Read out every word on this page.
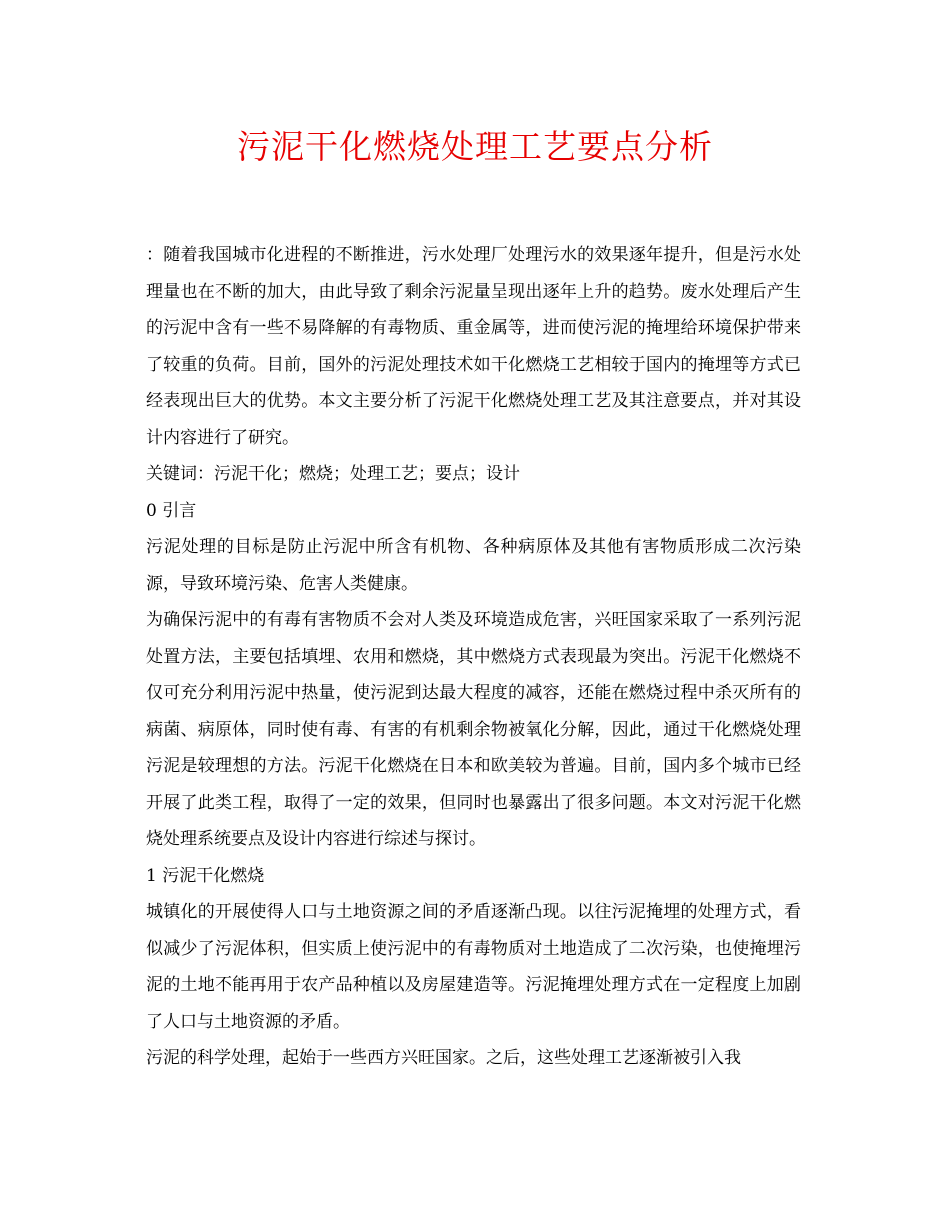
污泥干化燃烧处理工艺要点分析

：随着我国城市化进程的不断推进，污水处理厂处理污水的效果逐年提升，但是污水处理量也在不断的加大，由此导致了剩余污泥量呈现出逐年上升的趋势。废水处理后产生的污泥中含有一些不易降解的有毒物质、重金属等，进而使污泥的掩埋给环境保护带来了较重的负荷。目前，国外的污泥处理技术如干化燃烧工艺相较于国内的掩埋等方式已经表现出巨大的优势。本文主要分析了污泥干化燃烧处理工艺及其注意要点，并对其设计内容进行了研究。

关键词：污泥干化；燃烧；处理工艺；要点；设计

0 引言

污泥处理的目标是防止污泥中所含有机物、各种病原体及其他有害物质形成二次污染源，导致环境污染、危害人类健康。

为确保污泥中的有毒有害物质不会对人类及环境造成危害，兴旺国家采取了一系列污泥处置方法，主要包括填埋、农用和燃烧，其中燃烧方式表现最为突出。污泥干化燃烧不仅可充分利用污泥中热量，使污泥到达最大程度的减容，还能在燃烧过程中杀灭所有的病菌、病原体，同时使有毒、有害的有机剩余物被氧化分解，因此，通过干化燃烧处理污泥是较理想的方法。污泥干化燃烧在日本和欧美较为普遍。目前，国内多个城市已经开展了此类工程，取得了一定的效果，但同时也暴露出了很多问题。本文对污泥干化燃烧处理系统要点及设计内容进行综述与探讨。

1 污泥干化燃烧

城镇化的开展使得人口与土地资源之间的矛盾逐渐凸现。以往污泥掩埋的处理方式，看似减少了污泥体积，但实质上使污泥中的有毒物质对土地造成了二次污染，也使掩埋污泥的土地不能再用于农产品种植以及房屋建造等。污泥掩埋处理方式在一定程度上加剧了人口与土地资源的矛盾。

污泥的科学处理，起始于一些西方兴旺国家。之后，这些处理工艺逐渐被引入我
